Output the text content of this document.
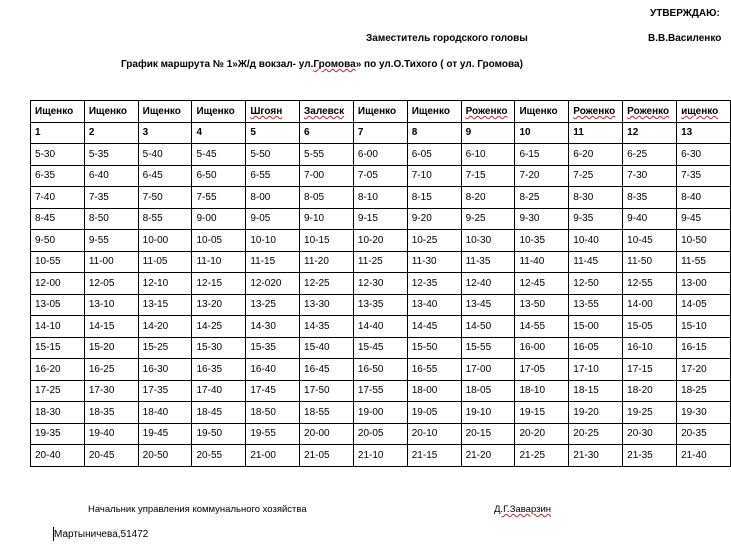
УТВЕРЖДАЮ:
Заместитель городского головы	В.В.Василенко
График маршрута № 1»Ж/д вокзал- ул.Громова» по ул.О.Тихого ( от ул. Громова)
Ищенко	Ищенко	Ищенко	Ищенко	Шгоян	Залевск	Ищенко	Ищенко	Роженко	Ищенко	Роженко	Роженко	ищенко
1	2	3	4	5	6	7	8	9	10	11	12	13
5-30	5-35	5-40	5-45	5-50	5-55	6-00	6-05	6-10	6-15	6-20	6-25	6-30
6-35	6-40	6-45	6-50	6-55	7-00	7-05	7-10	7-15	7-20	7-25	7-30	7-35
7-40	7-35	7-50	7-55	8-00	8-05	8-10	8-15	8-20	8-25	8-30	8-35	8-40
8-45	8-50	8-55	9-00	9-05	9-10	9-15	9-20	9-25	9-30	9-35	9-40	9-45
9-50	9-55	10-00	10-05	10-10	10-15	10-20	10-25	10-30	10-35	10-40	10-45	10-50
10-55	11-00	11-05	11-10	11-15	11-20	11-25	11-30	11-35	11-40	11-45	11-50	11-55
12-00	12-05	12-10	12-15	12-020	12-25	12-30	12-35	12-40	12-45	12-50	12-55	13-00
13-05	13-10	13-15	13-20	13-25	13-30	13-35	13-40	13-45	13-50	13-55	14-00	14-05
14-10	14-15	14-20	14-25	14-30	14-35	14-40	14-45	14-50	14-55	15-00	15-05	15-10
15-15	15-20	15-25	15-30	15-35	15-40	15-45	15-50	15-55	16-00	16-05	16-10	16-15
16-20	16-25	16-30	16-35	16-40	16-45	16-50	16-55	17-00	17-05	17-10	17-15	17-20
17-25	17-30	17-35	17-40	17-45	17-50	17-55	18-00	18-05	18-10	18-15	18-20	18-25
18-30	18-35	18-40	18-45	18-50	18-55	19-00	19-05	19-10	19-15	19-20	19-25	19-30
19-35	19-40	19-45	19-50	19-55	20-00	20-05	20-10	20-15	20-20	20-25	20-30	20-35
20-40	20-45	20-50	20-55	21-00	21-05	21-10	21-15	21-20	21-25	21-30	21-35	21-40
Начальник управления коммунального хозяйства	Д.Г.Заварзин
Мартыничева,51472
